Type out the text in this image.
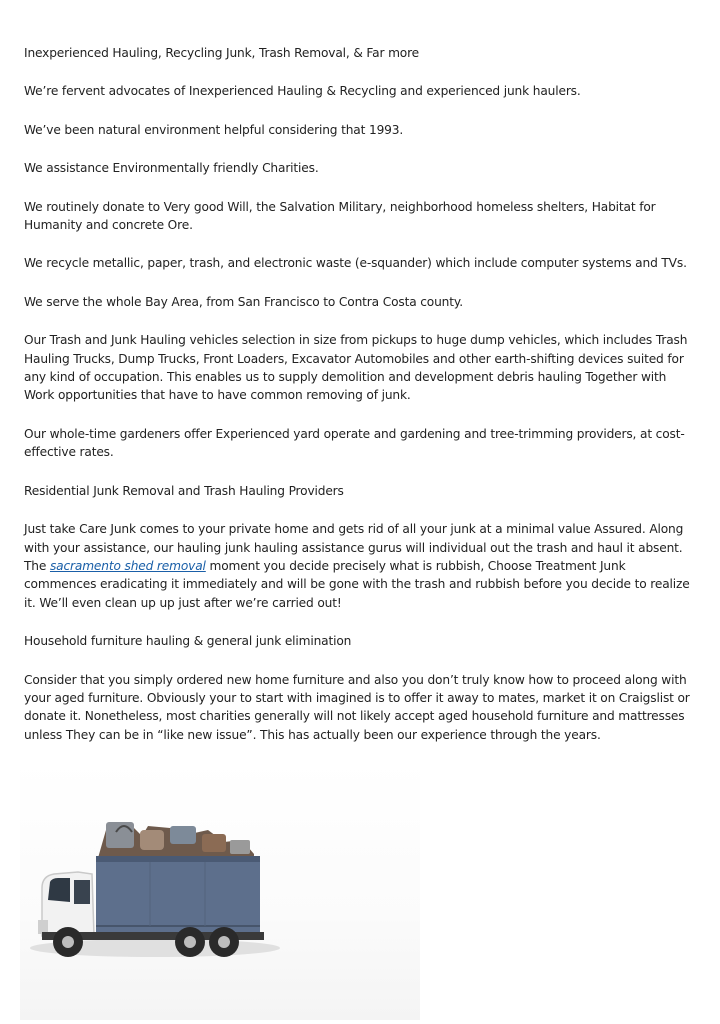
Inexperienced Hauling, Recycling Junk, Trash Removal, & Far more

We’re fervent advocates of Inexperienced Hauling & Recycling and experienced junk haulers.

We’ve been natural environment helpful considering that 1993.

We assistance Environmentally friendly Charities.

We routinely donate to Very good Will, the Salvation Military, neighborhood homeless shelters, Habitat for Humanity and concrete Ore.

We recycle metallic, paper, trash, and electronic waste (e-squander) which include computer systems and TVs.

We serve the whole Bay Area, from San Francisco to Contra Costa county.

Our Trash and Junk Hauling vehicles selection in size from pickups to huge dump vehicles, which includes Trash Hauling Trucks, Dump Trucks, Front Loaders, Excavator Automobiles and other earth-shifting devices suited for any kind of occupation. This enables us to supply demolition and development debris hauling Together with Work opportunities that have to have common removing of junk.

Our whole-time gardeners offer Experienced yard operate and gardening and tree-trimming providers, at cost-effective rates.

Residential Junk Removal and Trash Hauling Providers

Just take Care Junk comes to your private home and gets rid of all your junk at a minimal value Assured. Along with your assistance, our hauling junk hauling assistance gurus will individual out the trash and haul it absent. The sacramento shed removal moment you decide precisely what is rubbish, Choose Treatment Junk commences eradicating it immediately and will be gone with the trash and rubbish before you decide to realize it. We’ll even clean up up just after we’re carried out!

Household furniture hauling & general junk elimination

Consider that you simply ordered new home furniture and also you don’t truly know how to proceed along with your aged furniture. Obviously your to start with imagined is to offer it away to mates, market it on Craigslist or donate it. Nonetheless, most charities generally will not likely accept aged household furniture and mattresses unless They can be in “like new issue”. This has actually been our experience through the years.
